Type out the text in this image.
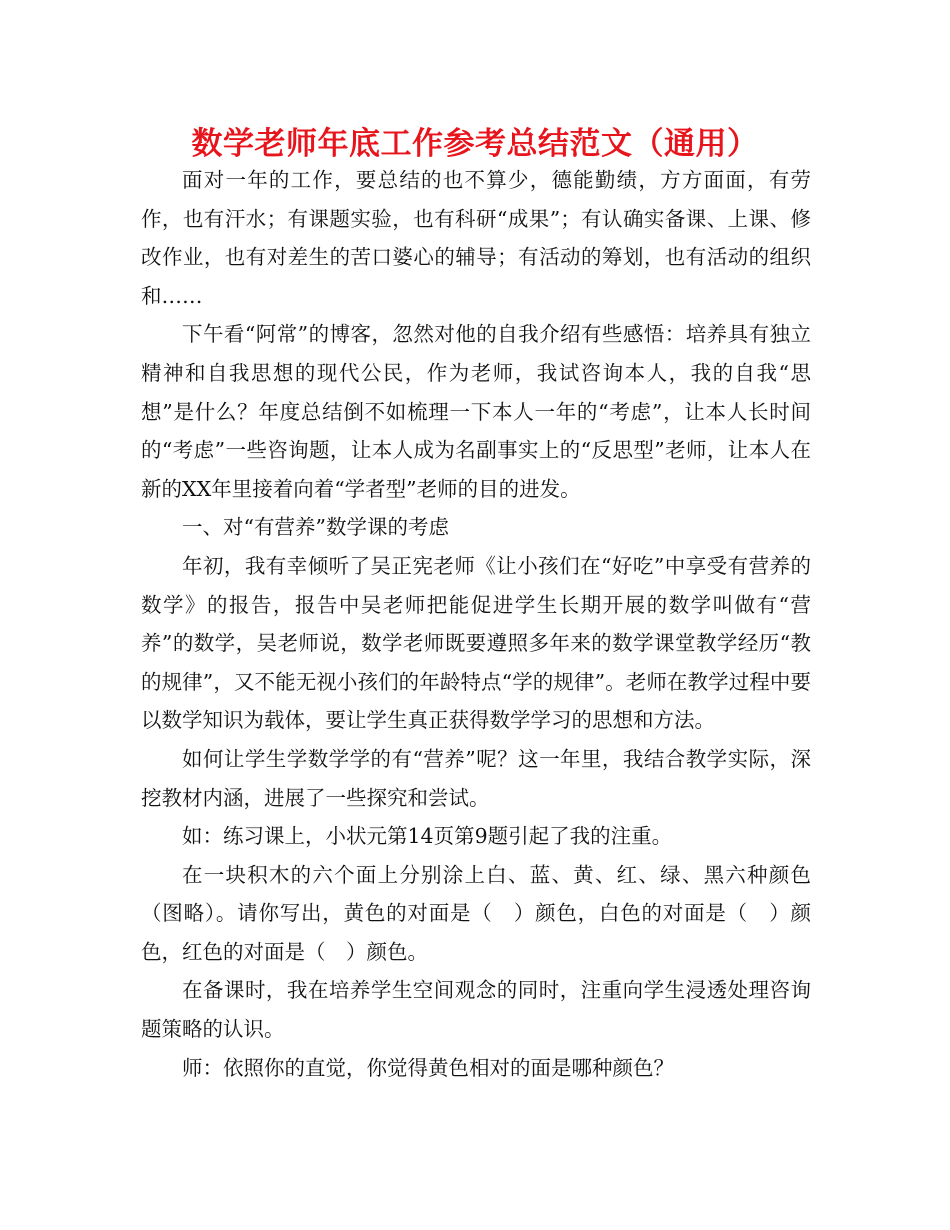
数学老师年底工作参考总结范文（通用）

面对一年的工作，要总结的也不算少，德能勤绩，方方面面，有劳作，也有汗水；有课题实验，也有科研“成果”；有认确实备课、上课、修改作业，也有对差生的苦口婆心的辅导；有活动的筹划，也有活动的组织和……

下午看“阿常”的博客，忽然对他的自我介绍有些感悟：培养具有独立精神和自我思想的现代公民，作为老师，我试咨询本人，我的自我“思想”是什么？年度总结倒不如梳理一下本人一年的“考虑”，让本人长时间的“考虑”一些咨询题，让本人成为名副事实上的“反思型”老师，让本人在新的XX年里接着向着“学者型”老师的目的进发。

一、对“有营养”数学课的考虑

年初，我有幸倾听了吴正宪老师《让小孩们在“好吃”中享受有营养的数学》的报告，报告中吴老师把能促进学生长期开展的数学叫做有“营养”的数学，吴老师说，数学老师既要遵照多年来的数学课堂教学经历“教的规律”，又不能无视小孩们的年龄特点“学的规律”。老师在教学过程中要以数学知识为载体，要让学生真正获得数学学习的思想和方法。

如何让学生学数学学的有“营养”呢？这一年里，我结合教学实际，深挖教材内涵，进展了一些探究和尝试。

如：练习课上，小状元第14页第9题引起了我的注重。

在一块积木的六个面上分别涂上白、蓝、黄、红、绿、黑六种颜色（图略）。请你写出，黄色的对面是（　）颜色，白色的对面是（　）颜色，红色的对面是（　）颜色。

在备课时，我在培养学生空间观念的同时，注重向学生浸透处理咨询题策略的认识。

师：依照你的直觉，你觉得黄色相对的面是哪种颜色？
